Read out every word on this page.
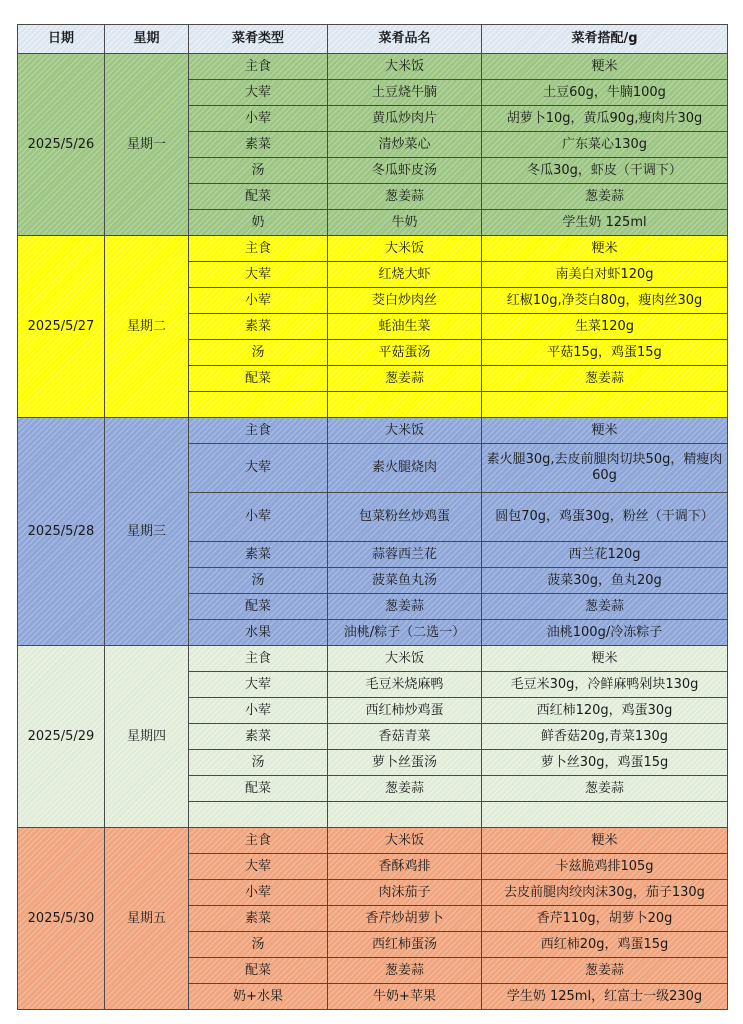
日期	星期	菜肴类型	菜肴品名	菜肴搭配/g
2025/5/26	星期一	主食	大米饭	粳米
		大荤	土豆烧牛腩	土豆60g，牛腩100g
		小荤	黄瓜炒肉片	胡萝卜10g，黄瓜90g,瘦肉片30g
		素菜	清炒菜心	广东菜心130g
		汤	冬瓜虾皮汤	冬瓜30g，虾皮（干调下）
		配菜	葱姜蒜	葱姜蒜
		奶	牛奶	学生奶 125ml
2025/5/27	星期二	主食	大米饭	粳米
		大荤	红烧大虾	南美白对虾120g
		小荤	茭白炒肉丝	红椒10g,净茭白80g，瘦肉丝30g
		素菜	蚝油生菜	生菜120g
		汤	平菇蛋汤	平菇15g，鸡蛋15g
		配菜	葱姜蒜	葱姜蒜

2025/5/28	星期三	主食	大米饭	粳米
		大荤	素火腿烧肉	素火腿30g,去皮前腿肉切块50g，精瘦肉60g
		小荤	包菜粉丝炒鸡蛋	圆包70g，鸡蛋30g，粉丝（干调下）
		素菜	蒜蓉西兰花	西兰花120g
		汤	菠菜鱼丸汤	菠菜30g，鱼丸20g
		配菜	葱姜蒜	葱姜蒜
		水果	油桃/粽子（二选一）	油桃100g/冷冻粽子
2025/5/29	星期四	主食	大米饭	粳米
		大荤	毛豆米烧麻鸭	毛豆米30g，冷鲜麻鸭剁块130g
		小荤	西红柿炒鸡蛋	西红柿120g，鸡蛋30g
		素菜	香菇青菜	鲜香菇20g,青菜130g
		汤	萝卜丝蛋汤	萝卜丝30g，鸡蛋15g
		配菜	葱姜蒜	葱姜蒜

2025/5/30	星期五	主食	大米饭	粳米
		大荤	香酥鸡排	卡兹脆鸡排105g
		小荤	肉沫茄子	去皮前腿肉绞肉沫30g，茄子130g
		素菜	香芹炒胡萝卜	香芹110g，胡萝卜20g
		汤	西红柿蛋汤	西红柿20g，鸡蛋15g
		配菜	葱姜蒜	葱姜蒜
		奶+水果	牛奶+苹果	学生奶 125ml，红富士一级230g
